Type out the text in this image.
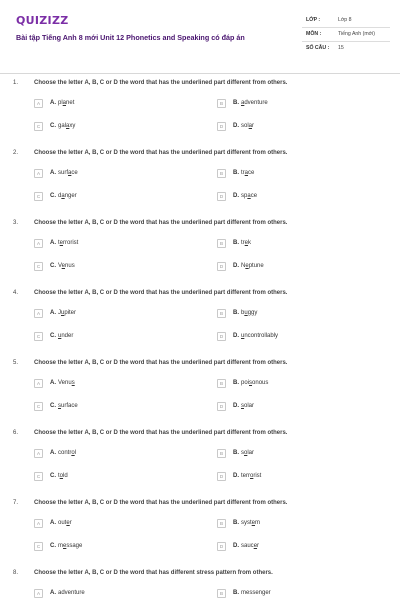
QUIZIZZ
Bài tập Tiếng Anh 8 mới Unit 12 Phonetics and Speaking có đáp án
LỚP :	Lớp 8
MÔN :	Tiếng Anh (mới)
SỐ CÂU : 15
1.	Choose the letter A, B, C or D the word that has the underlined part different from others.
A	A. planet	B	B. adventure
C	C. galaxy	D	D. solar
2.	Choose the letter A, B, C or D the word that has the underlined part different from others.
A	A. surface	B	B. trace
C	C. danger	D	D. space
3.	Choose the letter A, B, C or D the word that has the underlined part different from others.
A	A. terrorist	B	B. trek
C	C. Venus	D	D. Neptune
4.	Choose the letter A, B, C or D the word that has the underlined part different from others.
A	A. Jupiter	B	B. buggy
C	C. under	D	D. uncontrollably
5.	Choose the letter A, B, C or D the word that has the underlined part different from others.
A	A. Venus	B	B. poisonous
C	C. surface	D	D. solar
6.	Choose the letter A, B, C or D the word that has the underlined part different from others.
A	A. control	B	B. solar
C	C. told	D	D. terrorist
7.	Choose the letter A, B, C or D the word that has the underlined part different from others.
A	A. outer	B	B. system
C	C. message	D	D. saucer
8.	Choose the letter A, B, C or D the word that has different stress pattern from others.
A	A. adventure	B	B. messenger
